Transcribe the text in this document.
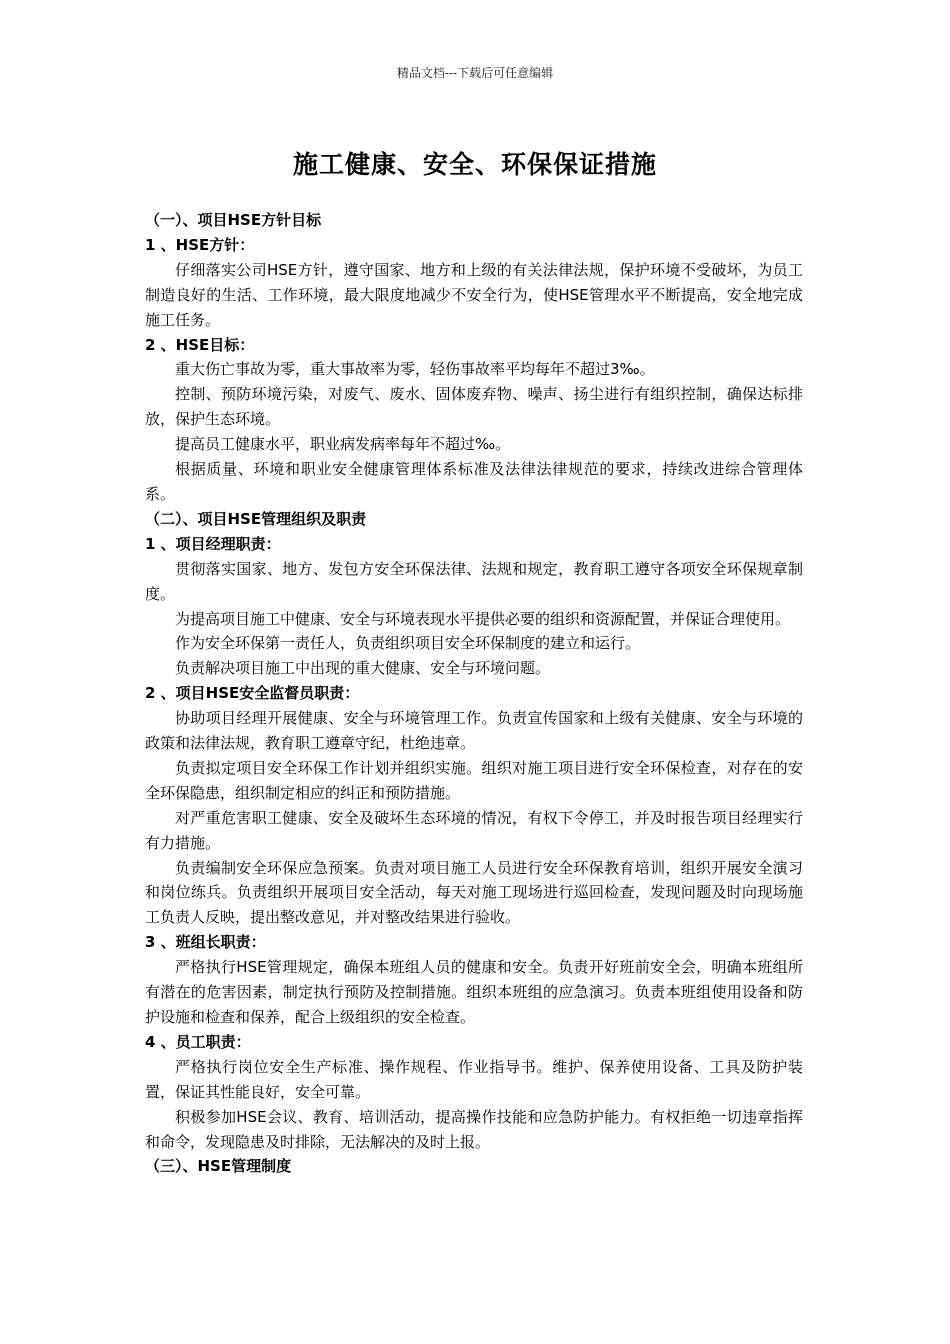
精品文档---下载后可任意编辑
施工健康、安全、环保保证措施

（一）、项目HSE方针目标

1 、HSE方针：

仔细落实公司HSE方针，遵守国家、地方和上级的有关法律法规，保护环境不受破坏，为员工制造良好的生活、工作环境，最大限度地减少不安全行为，使HSE管理水平不断提高，安全地完成施工任务。

2 、HSE目标：

重大伤亡事故为零，重大事故率为零，轻伤事故率平均每年不超过3‰。

控制、预防环境污染，对废气、废水、固体废弃物、噪声、扬尘进行有组织控制，确保达标排放，保护生态环境。

提高员工健康水平，职业病发病率每年不超过‰。

根据质量、环境和职业安全健康管理体系标准及法律法律规范的要求，持续改进综合管理体系。

（二）、项目HSE管理组织及职责

1 、项目经理职责：

贯彻落实国家、地方、发包方安全环保法律、法规和规定，教育职工遵守各项安全环保规章制度。

为提高项目施工中健康、安全与环境表现水平提供必要的组织和资源配置，并保证合理使用。

作为安全环保第一责任人，负责组织项目安全环保制度的建立和运行。

负责解决项目施工中出现的重大健康、安全与环境问题。

2 、项目HSE安全监督员职责：

协助项目经理开展健康、安全与环境管理工作。负责宣传国家和上级有关健康、安全与环境的政策和法律法规，教育职工遵章守纪，杜绝违章。

负责拟定项目安全环保工作计划并组织实施。组织对施工项目进行安全环保检查，对存在的安全环保隐患，组织制定相应的纠正和预防措施。

对严重危害职工健康、安全及破坏生态环境的情况，有权下令停工，并及时报告项目经理实行有力措施。

负责编制安全环保应急预案。负责对项目施工人员进行安全环保教育培训，组织开展安全演习和岗位练兵。负责组织开展项目安全活动，每天对施工现场进行巡回检查，发现问题及时向现场施工负责人反映，提出整改意见，并对整改结果进行验收。

3 、班组长职责：

严格执行HSE管理规定，确保本班组人员的健康和安全。负责开好班前安全会，明确本班组所有潜在的危害因素，制定执行预防及控制措施。组织本班组的应急演习。负责本班组使用设备和防护设施和检查和保养，配合上级组织的安全检查。

4 、员工职责：

严格执行岗位安全生产标准、操作规程、作业指导书。维护、保养使用设备、工具及防护装置，保证其性能良好，安全可靠。

积极参加HSE会议、教育、培训活动，提高操作技能和应急防护能力。有权拒绝一切违章指挥和命令，发现隐患及时排除，无法解决的及时上报。

（三）、HSE管理制度
